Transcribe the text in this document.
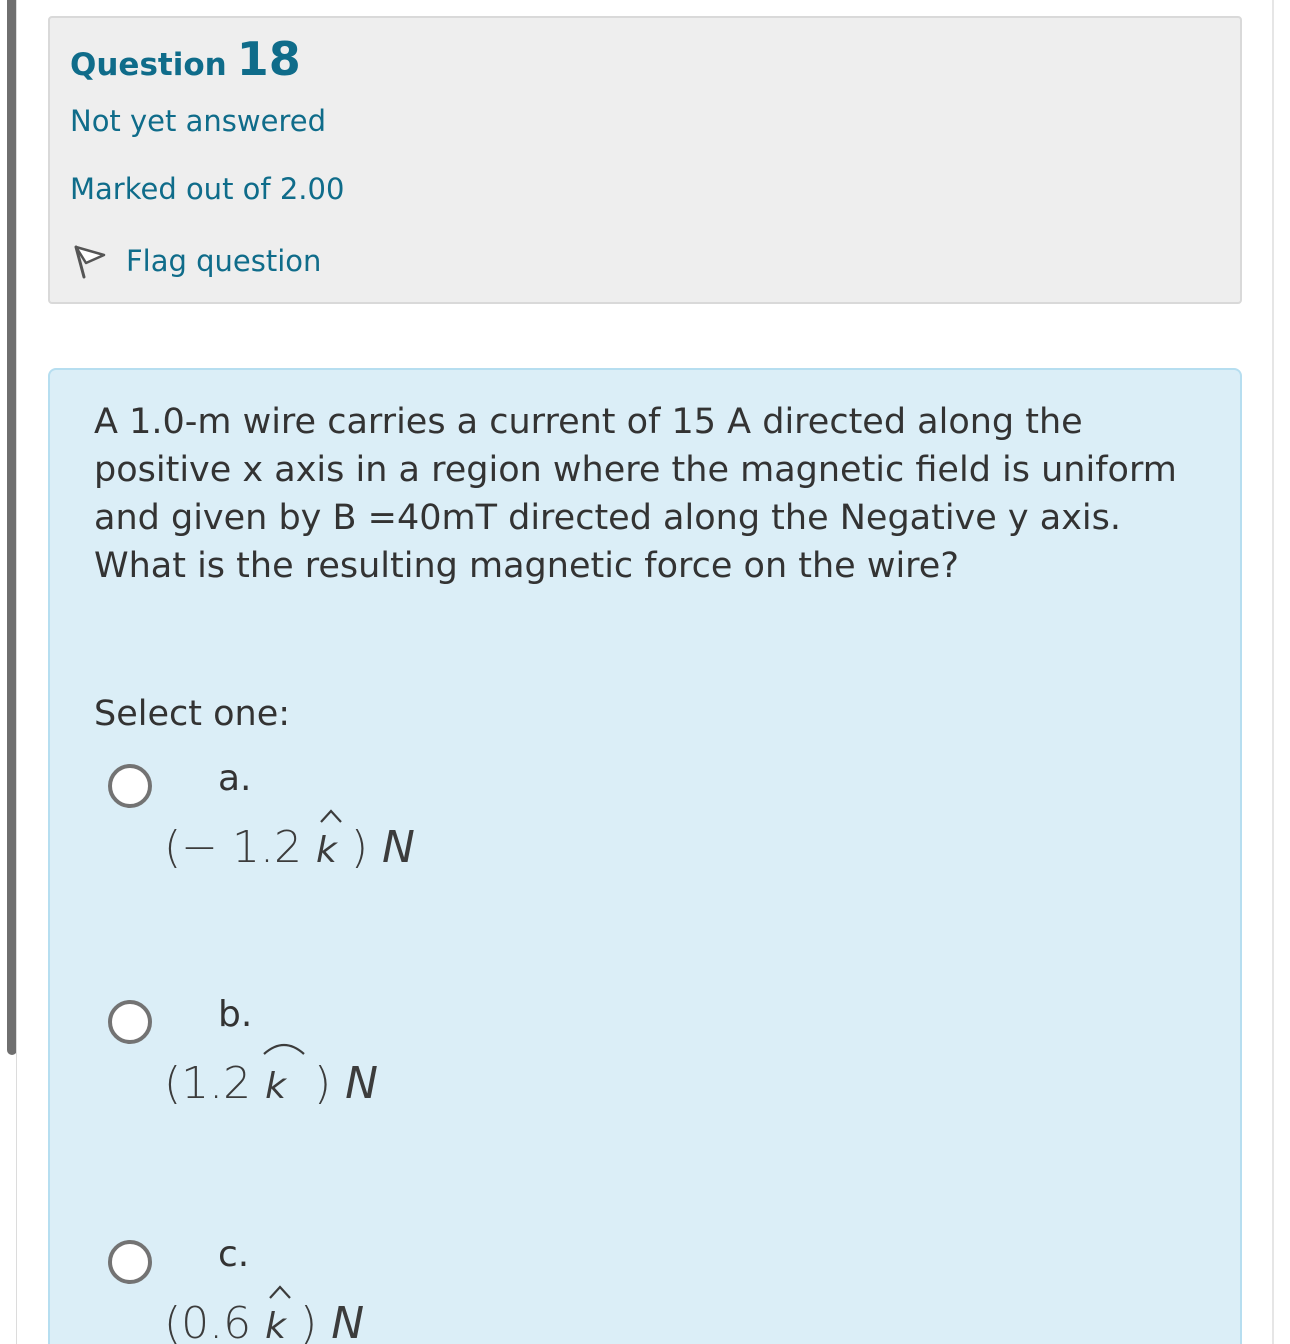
Question 18
Not yet answered
Marked out of 2.00
Flag question
A 1.0-m wire carries a current of 15 A directed along the positive x axis in a region where the magnetic field is uniform and given by B =40mT directed along the Negative y axis. What is the resulting magnetic force on the wire?
Select one:
a.
(− 1.2 k ) N
b.
(1.2 k ) N
c.
(0.6 k ) N
